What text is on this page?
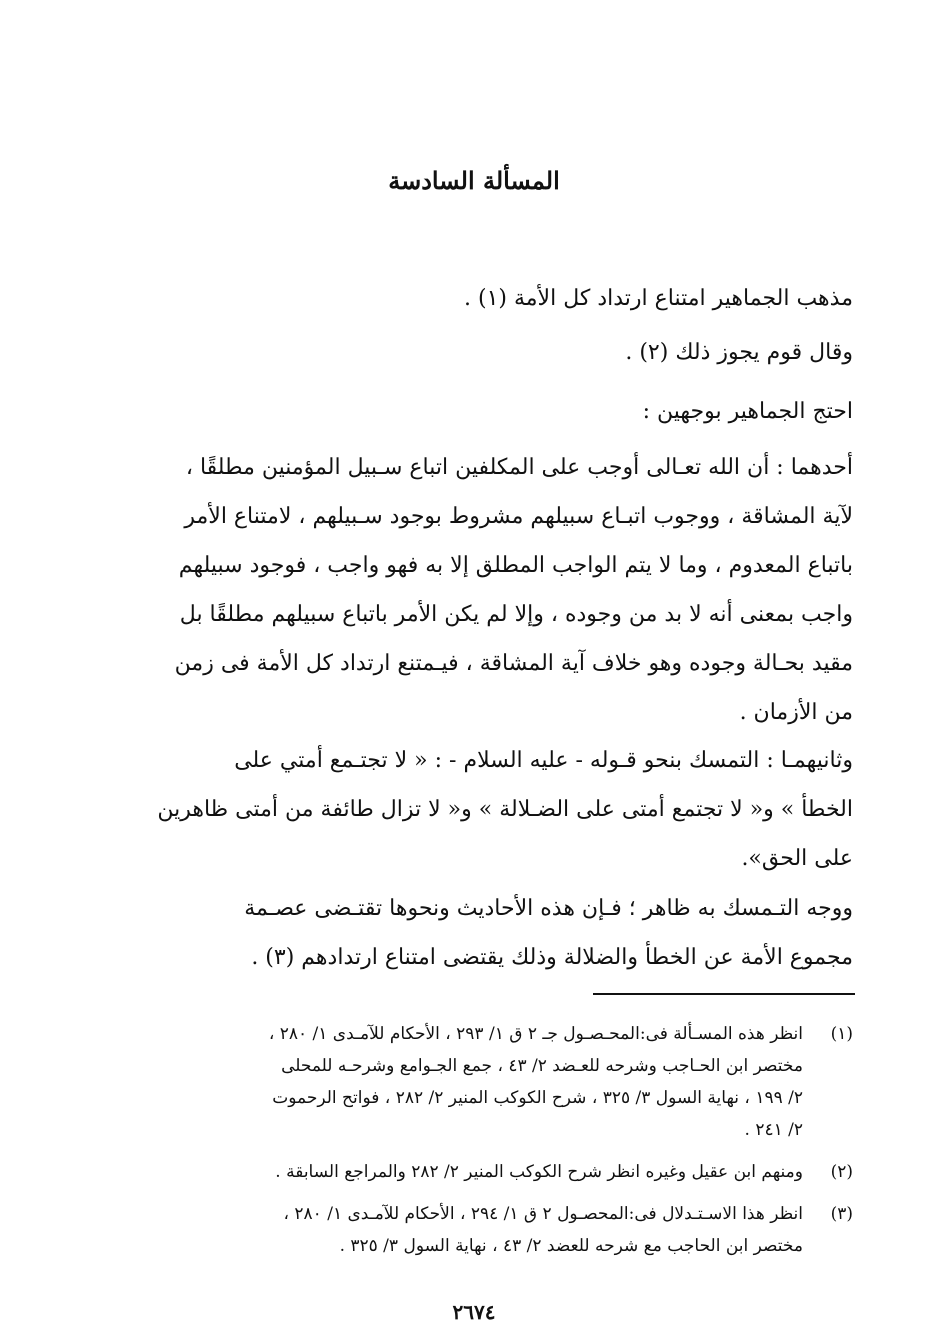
المسألة السادسة
مذهب الجماهير امتناع ارتداد كل الأمة (١) .
وقال قوم يجوز ذلك (٢) .
احتج الجماهير بوجهين :
أحدهما : أن الله تعـالى أوجب على المكلفين اتباع سـبيل المؤمنين مطلقًا ،
لآية المشاقة ، ووجوب اتبـاع سبيلهم مشروط بوجود سـبيلهم ، لامتناع الأمر
باتباع المعدوم ، وما لا يتم الواجب المطلق إلا به فهو واجب ، فوجود سبيلهم
واجب بمعنى أنه لا بد من وجوده ، وإلا لم يكن الأمر باتباع سبيلهم مطلقًا بل
مقيد بحـالة وجوده وهو خلاف آية المشاقة ، فيـمتنع ارتداد كل الأمة فى زمن
من الأزمان .
وثانيهمـا : التمسك بنحو قـوله - عليه السلام - : « لا تجتـمع أمتي على
الخطأ » و« لا تجتمع أمتى على الضـلالة » و« لا تزال طائفة من أمتى ظاهرين
على الحق».
ووجه التـمسك به ظاهر ؛ فـإن هذه الأحاديث ونحوها تقتـضى عصـمة
مجموع الأمة عن الخطأ والضلالة وذلك يقتضى امتناع ارتدادهم (٣) .
(١)
انظر هذه المسـألة فى:المحـصـول جـ ٢ ق ١/ ٢٩٣ ، الأحكام للآمـدى ١/ ٢٨٠ ،
مختصر ابن الحـاجب وشرحه للعـضد ٢/ ٤٣ ، جمع الجـوامع وشرحـه للمحلى
٢/ ١٩٩ ، نهاية السول ٣/ ٣٢٥ ، شرح الكوكب المنير ٢/ ٢٨٢ ، فواتح الرحموت
٢/ ٢٤١ .
(٢)
ومنهم ابن عقيل وغيره انظر شرح الكوكب المنير ٢/ ٢٨٢ والمراجع السابقة .
(٣)
انظر هذا الاسـتـدلال فى:المحصـول ٢ ق ١/ ٢٩٤ ، الأحكام للآمـدى ١/ ٢٨٠ ،
مختصر ابن الحاجب مع شرحه للعضد ٢/ ٤٣ ، نهاية السول ٣/ ٣٢٥ .
٢٦٧٤
